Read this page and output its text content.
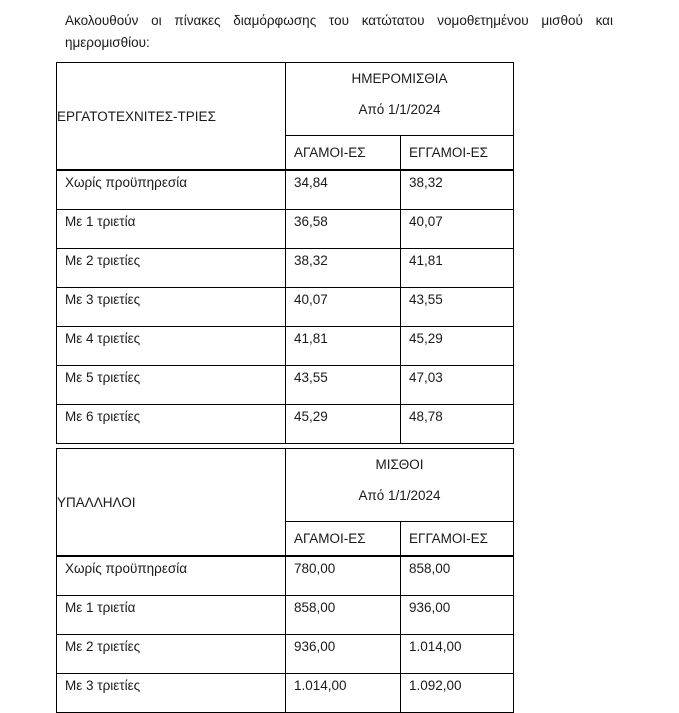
Ακολουθούν οι πίνακες διαμόρφωσης του κατώτατου νομοθετημένου μισθού και
ημερομισθίου:
ΕΡΓΑΤΟΤΕΧΝΙΤΕΣ-ΤΡΙΕΣ	ΗΜΕΡΟΜΙΣΘΙΑ
Από 1/1/2024	

	ΑΓΑΜΟΙ-ΕΣ	ΕΓΓΑΜΟΙ-ΕΣ
Χωρίς προϋπηρεσία	34,84	38,32
Με 1 τριετία	36,58	40,07
Με 2 τριετίες	38,32	41,81
Με 3 τριετίες	40,07	43,55
Με 4 τριετίες	41,81	45,29
Με 5 τριετίες	43,55	47,03
Με 6 τριετίες	45,29	48,78
ΥΠΑΛΛΗΛΟΙ	ΜΙΣΘΟΙ
Από 1/1/2024	

	ΑΓΑΜΟΙ-ΕΣ	ΕΓΓΑΜΟΙ-ΕΣ
Χωρίς προϋπηρεσία	780,00	858,00
Με 1 τριετία	858,00	936,00
Με 2 τριετίες	936,00	1.014,00
Με 3 τριετίες	1.014,00	1.092,00
